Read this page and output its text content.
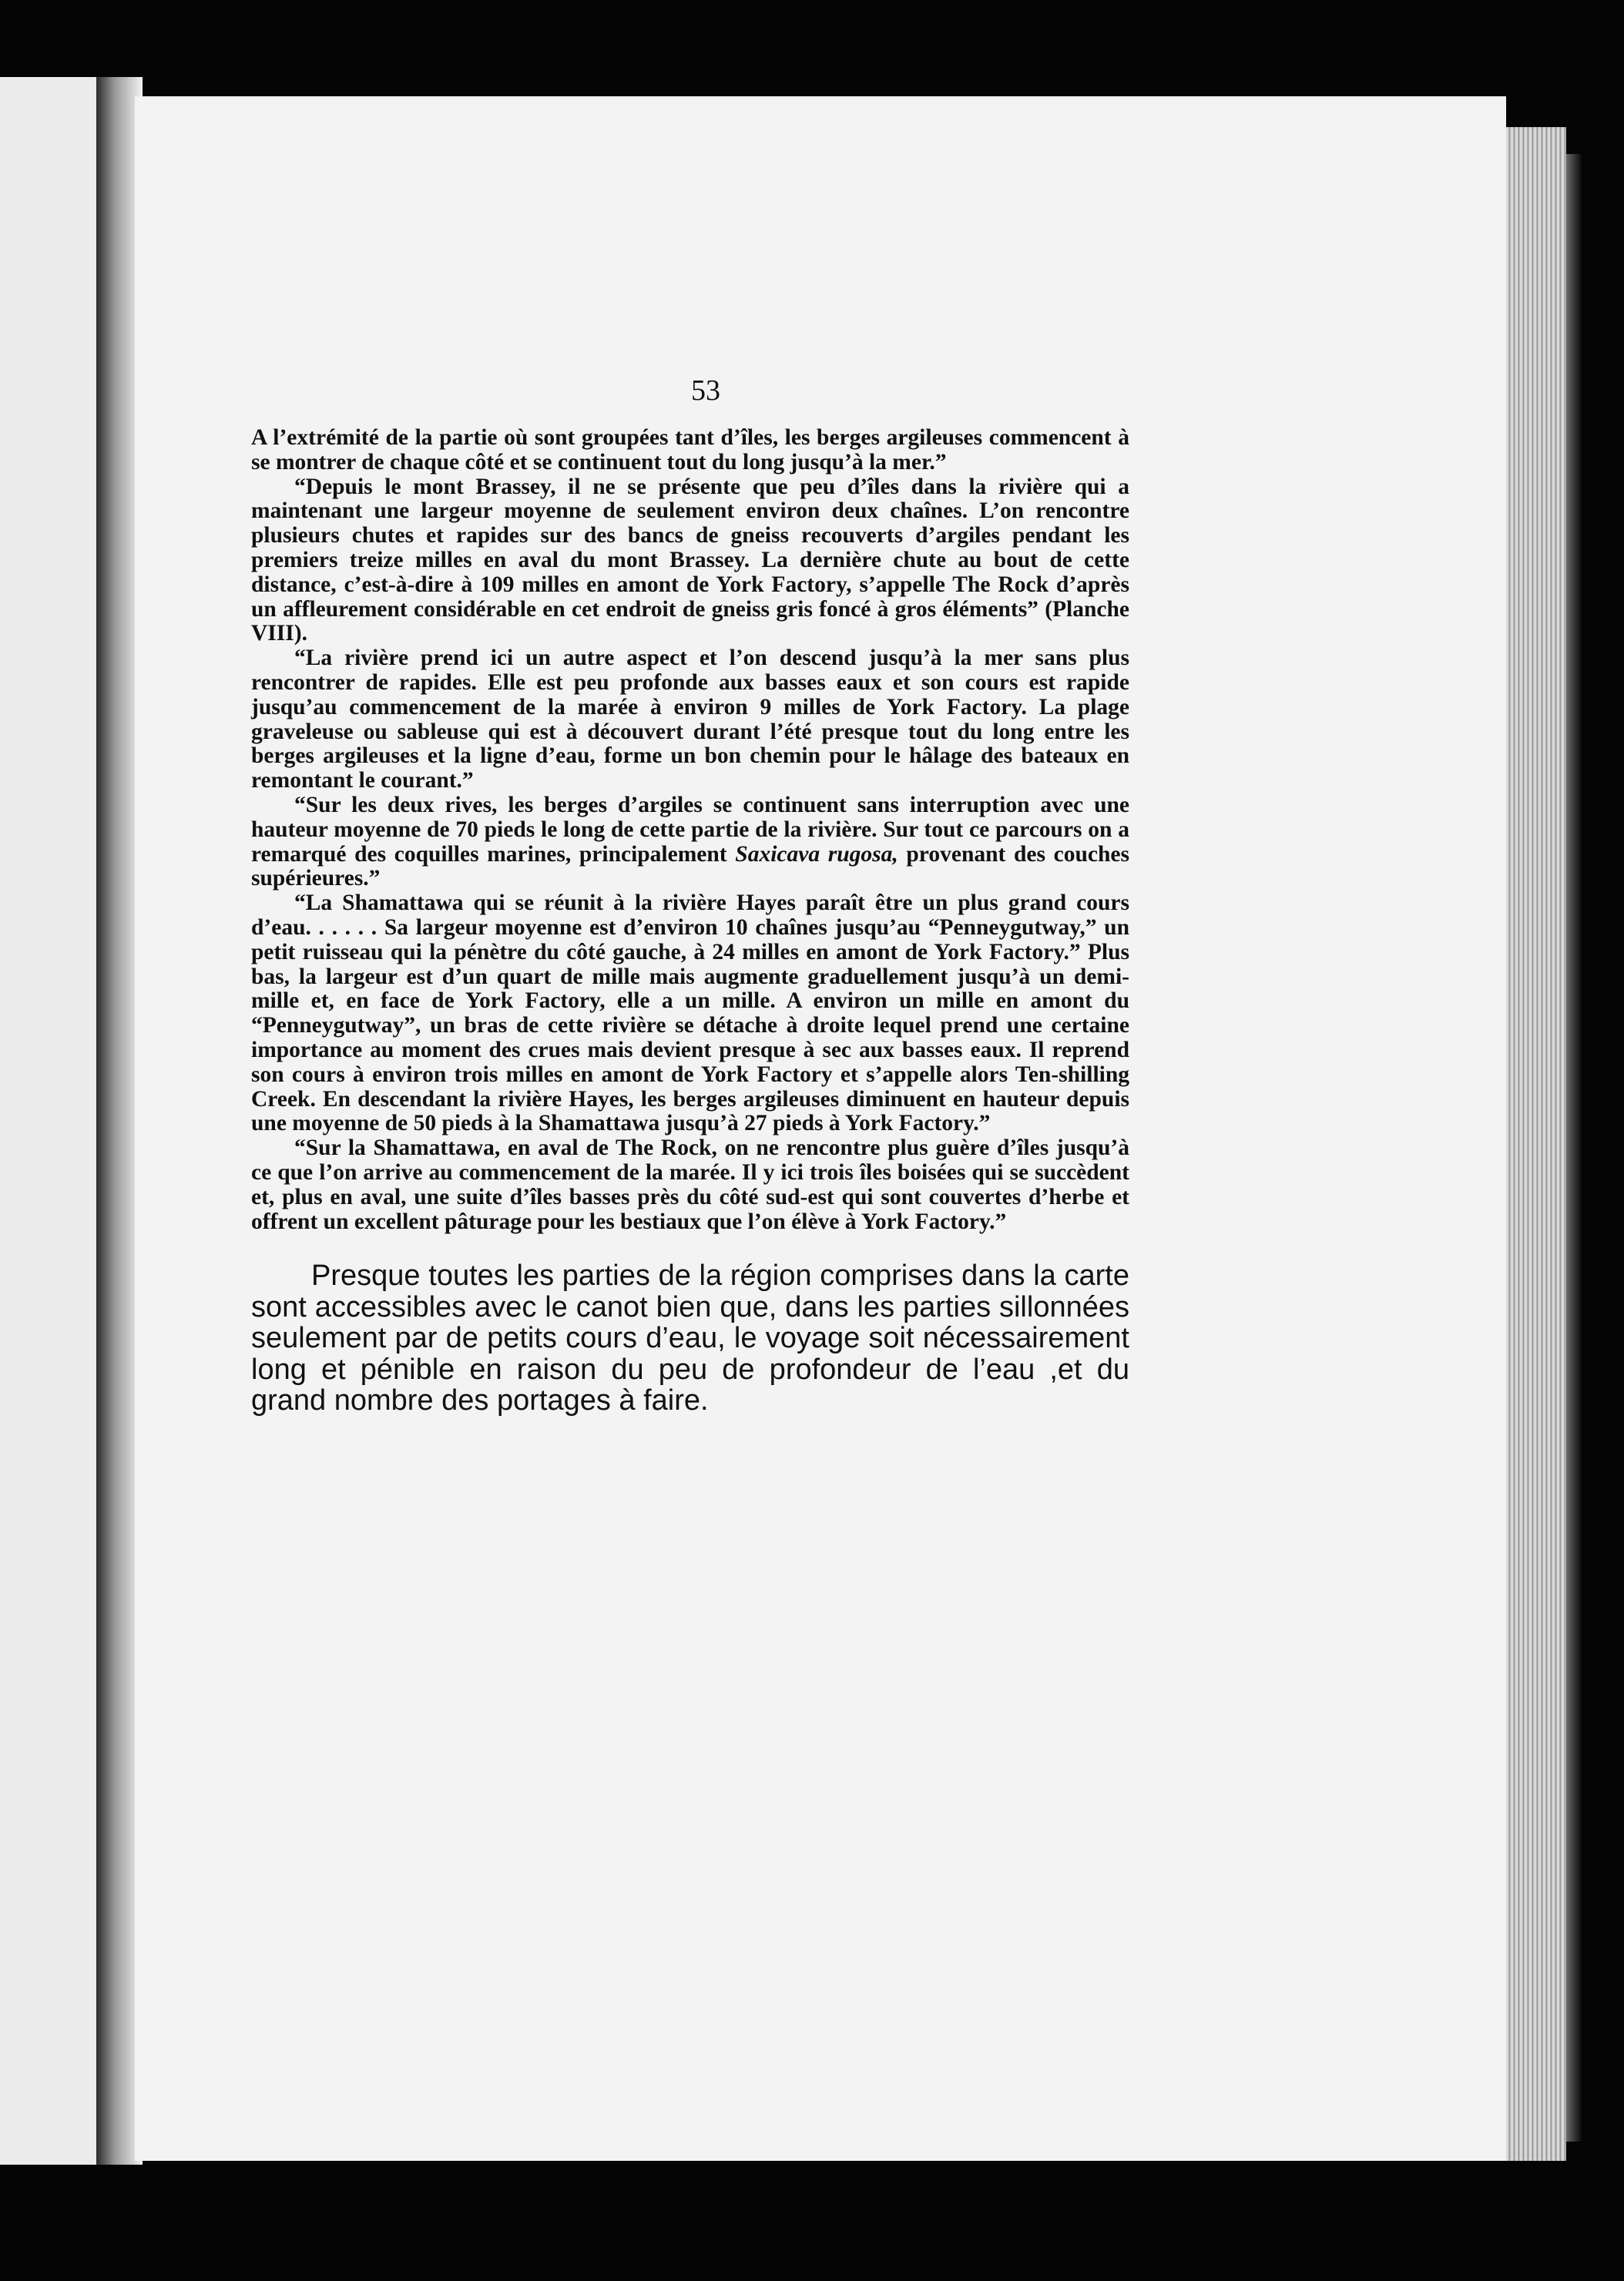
53

A l’extrémité de la partie où sont groupées tant d’îles, les berges argileuses commencent à se montrer de chaque côté et se continuent tout du long jusqu’à la mer.”

“Depuis le mont Brassey, il ne se présente que peu d’îles dans la rivière qui a maintenant une largeur moyenne de seulement environ deux chaînes. L’on rencontre plusieurs chutes et rapides sur des bancs de gneiss recouverts d’argiles pendant les premiers treize milles en aval du mont Brassey. La dernière chute au bout de cette distance, c’est-à-dire à 109 milles en amont de York Factory, s’appelle The Rock d’après un affleurement considérable en cet endroit de gneiss gris foncé à gros éléments” (Planche VIII).

“La rivière prend ici un autre aspect et l’on descend jusqu’à la mer sans plus rencontrer de rapides. Elle est peu profonde aux basses eaux et son cours est rapide jusqu’au commencement de la marée à environ 9 milles de York Factory. La plage graveleuse ou sableuse qui est à découvert durant l’été presque tout du long entre les berges argileuses et la ligne d’eau, forme un bon chemin pour le hâlage des bateaux en remontant le courant.”

“Sur les deux rives, les berges d’argiles se continuent sans interruption avec une hauteur moyenne de 70 pieds le long de cette partie de la rivière. Sur tout ce parcours on a remarqué des coquilles marines, principalement Saxicava rugosa, provenant des couches supérieures.”

“La Shamattawa qui se réunit à la rivière Hayes paraît être un plus grand cours d’eau. . . . . . Sa largeur moyenne est d’environ 10 chaînes jusqu’au “Penneygutway,” un petit ruisseau qui la pénètre du côté gauche, à 24 milles en amont de York Factory.” Plus bas, la largeur est d’un quart de mille mais augmente graduellement jusqu’à un demi-mille et, en face de York Factory, elle a un mille. A environ un mille en amont du “Penneygutway”, un bras de cette rivière se détache à droite lequel prend une certaine importance au moment des crues mais devient presque à sec aux basses eaux. Il reprend son cours à environ trois milles en amont de York Factory et s’appelle alors Ten-shilling Creek. En descendant la rivière Hayes, les berges argileuses diminuent en hauteur depuis une moyenne de 50 pieds à la Shamattawa jusqu’à 27 pieds à York Factory.”

“Sur la Shamattawa, en aval de The Rock, on ne rencontre plus guère d’îles jusqu’à ce que l’on arrive au commencement de la marée. Il y ici trois îles boisées qui se succèdent et, plus en aval, une suite d’îles basses près du côté sud-est qui sont couvertes d’herbe et offrent un excellent pâturage pour les bestiaux que l’on élève à York Factory.”

Presque toutes les parties de la région comprises dans la carte sont accessibles avec le canot bien que, dans les parties sillonnées seulement par de petits cours d’eau, le voyage soit nécessairement long et pénible en raison du peu de profondeur de l’eau ,et du grand nombre des portages à faire.
